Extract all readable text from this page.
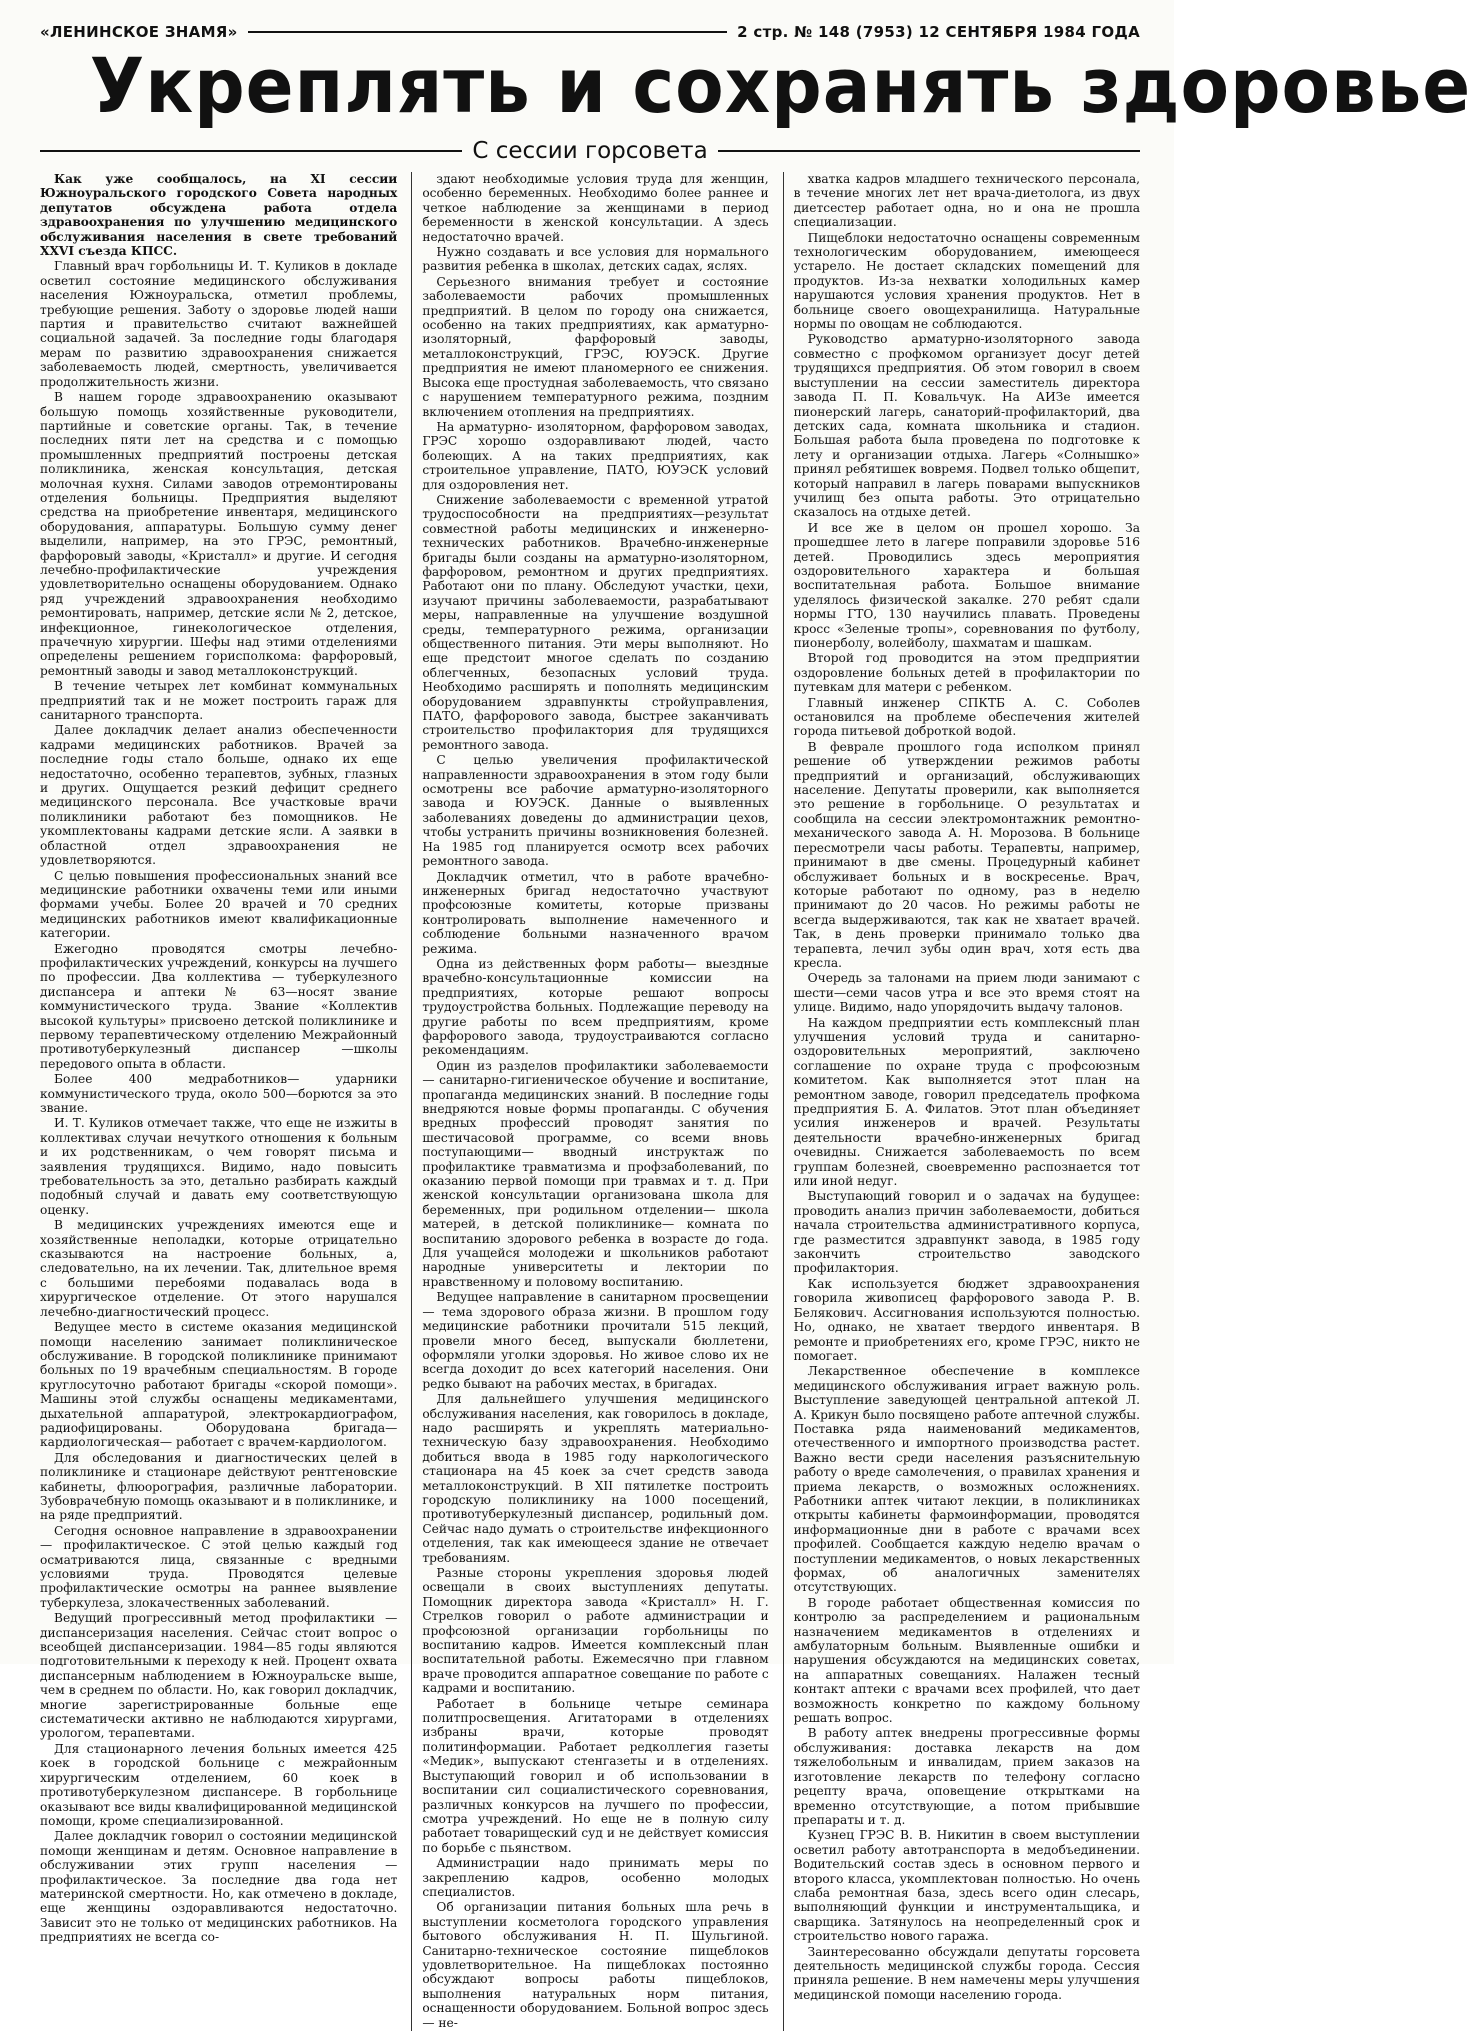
«ЛЕНИНСКОЕ ЗНАМЯ»	2 стр. № 148 (7953) 12 СЕНТЯБРЯ 1984 ГОДА
Укреплять и сохранять здоровье
С сессии горсовета

Как уже сообщалось, на XI сессии Южноуральского городского Совета народных депутатов обсуждена работа отдела здравоохранения по улучшению медицинского обслуживания населения в свете требований XXVI съезда КПСС.

Главный врач горбольницы И. Т. Куликов в докладе осветил состояние медицинского обслуживания населения Южноуральска, отметил проблемы, требующие решения. Заботу о здоровье людей наши партия и правительство считают важнейшей социальной задачей. За последние годы благодаря мерам по развитию здравоохранения снижается заболеваемость людей, смертность, увеличивается продолжительность жизни.

В нашем городе здравоохранению оказывают большую помощь хозяйственные руководители, партийные и советские органы. Так, в течение последних пяти лет на средства и с помощью промышленных предприятий построены детская поликлиника, женская консультация, детская молочная кухня. Силами заводов отремонтированы отделения больницы. Предприятия выделяют средства на приобретение инвентаря, медицинского оборудования, аппаратуры. Большую сумму денег выделили, например, на это ГРЭС, ремонтный, фарфоровый заводы, «Кристалл» и другие. И сегодня лечебно-профилактические учреждения удовлетворительно оснащены оборудованием. Однако ряд учреждений здравоохранения необходимо ремонтировать, например, детские ясли № 2, детское, инфекционное, гинекологическое отделения, прачечную хирургии. Шефы над этими отделениями определены решением горисполкома: фарфоровый, ремонтный заводы и завод металлоконструкций.

В течение четырех лет комбинат коммунальных предприятий так и не может построить гараж для санитарного транспорта.

Далее докладчик делает анализ обеспеченности кадрами медицинских работников. Врачей за последние годы стало больше, однако их еще недостаточно, особенно терапевтов, зубных, глазных и других. Ощущается резкий дефицит среднего медицинского персонала. Все участковые врачи поликлиники работают без помощников. Не укомплектованы кадрами детские ясли. А заявки в областной отдел здравоохранения не удовлетворяются.

С целью повышения профессиональных знаний все медицинские работники охвачены теми или иными формами учебы. Более 20 врачей и 70 средних медицинских работников имеют квалификационные категории.

Ежегодно проводятся смотры лечебно-профилактических учреждений, конкурсы на лучшего по профессии. Два коллектива — туберкулезного диспансера и аптеки № 63—носят звание коммунистического труда. Звание «Коллектив высокой культуры» присвоено детской поликлинике и первому терапевтическому отделению Межрайонный противотуберкулезный диспансер —школы передового опыта в области.

Более 400 медработников— ударники коммунистического труда, около 500—борются за это звание.

И. Т. Куликов отмечает также, что еще не изжиты в коллективах случаи нечуткого отношения к больным и их родственникам, о чем говорят письма и заявления трудящихся. Видимо, надо повысить требовательность за это, детально разбирать каждый подобный случай и давать ему соответствующую оценку.

В медицинских учреждениях имеются еще и хозяйственные неполадки, которые отрицательно сказываются на настроение больных, а, следовательно, на их лечении. Так, длительное время с большими перебоями подавалась вода в хирургическое отделение. От этого нарушался лечебно-диагностический процесс.

Ведущее место в системе оказания медицинской помощи населению занимает поликлиническое обслуживание. В городской поликлинике принимают больных по 19 врачебным специальностям. В городе круглосуточно работают бригады «скорой помощи». Машины этой службы оснащены медикаментами, дыхательной аппаратурой, электрокардиографом, радиофицированы. Оборудована бригада— кардиологическая— работает с врачем-кардиологом.

Для обследования и диагностических целей в поликлинике и стационаре действуют рентгеновские кабинеты, флюорография, различные лаборатории. Зубоврачебную помощь оказывают и в поликлинике, и на ряде предприятий.

Сегодня основное направление в здравоохранении — профилактическое. С этой целью каждый год осматриваются лица, связанные с вредными условиями труда. Проводятся целевые профилактические осмотры на раннее выявление туберкулеза, злокачественных заболеваний.

Ведущий прогрессивный метод профилактики — диспансеризация населения. Сейчас стоит вопрос о всеобщей диспансеризации. 1984—85 годы являются подготовительными к переходу к ней. Процент охвата диспансерным наблюдением в Южноуральске выше, чем в среднем по области. Но, как говорил докладчик, многие зарегистрированные больные еще систематически активно не наблюдаются хирургами, урологом, терапевтами.

Для стационарного лечения больных имеется 425 коек в городской больнице с межрайонным хирургическим отделением, 60 коек в противотуберкулезном диспансере. В горбольнице оказывают все виды квалифицированной медицинской помощи, кроме специализированной.

Далее докладчик говорил о состоянии медицинской помощи женщинам и детям. Основное направление в обслуживании этих групп населения — профилактическое. За последние два года нет материнской смертности. Но, как отмечено в докладе, еще женщины оздоравливаются недостаточно. Зависит это не только от медицинских работников. На предприятиях не всегда со-

здают необходимые условия труда для женщин, особенно беременных. Необходимо более раннее и четкое наблюдение за женщинами в период беременности в женской консультации. А здесь недостаточно врачей.

Нужно создавать и все условия для нормального развития ребенка в школах, детских садах, яслях.

Серьезного внимания требует и состояние заболеваемости рабочих промышленных предприятий. В целом по городу она снижается, особенно на таких предприятиях, как арматурно- изоляторный, фарфоровый заводы, металлоконструкций, ГРЭС, ЮУЭСК. Другие предприятия не имеют планомерного ее снижения. Высока еще простудная заболеваемость, что связано с нарушением температурного режима, поздним включением отопления на предприятиях.

На арматурно- изоляторном, фарфоровом заводах, ГРЭС хорошо оздоравливают людей, часто болеющих. А на таких предприятиях, как строительное управление, ПАТО, ЮУЭСК условий для оздоровления нет.

Снижение заболеваемости с временной утратой трудоспособности на предприятиях—результат совместной работы медицинских и инженерно-технических работников. Врачебно-инженерные бригады были созданы на арматурно-изоляторном, фарфоровом, ремонтном и других предприятиях. Работают они по плану. Обследуют участки, цехи, изучают причины заболеваемости, разрабатывают меры, направленные на улучшение воздушной среды, температурного режима, организации общественного питания. Эти меры выполняют. Но еще предстоит многое сделать по созданию облегченных, безопасных условий труда. Необходимо расширять и пополнять медицинским оборудованием здравпункты стройуправления, ПАТО, фарфорового завода, быстрее заканчивать строительство профилактория для трудящихся ремонтного завода.

С целью увеличения профилактической направленности здравоохранения в этом году были осмотрены все рабочие арматурно-изоляторного завода и ЮУЭСК. Данные о выявленных заболеваниях доведены до администрации цехов, чтобы устранить причины возникновения болезней. На 1985 год планируется осмотр всех рабочих ремонтного завода.

Докладчик отметил, что в работе врачебно-инженерных бригад недостаточно участвуют профсоюзные комитеты, которые призваны контролировать выполнение намеченного и соблюдение больными назначенного врачом режима.

Одна из действенных форм работы— выездные врачебно-консультационные комиссии на предприятиях, которые решают вопросы трудоустройства больных. Подлежащие переводу на другие работы по всем предприятиям, кроме фарфорового завода, трудоустраиваются согласно рекомендациям.

Один из разделов профилактики заболеваемости — санитарно-гигиеническое обучение и воспитание, пропаганда медицинских знаний. В последние годы внедряются новые формы пропаганды. С обучения вредных профессий проводят занятия по шестичасовой программе, со всеми вновь поступающими— вводный инструктаж по профилактике травматизма и профзаболеваний, по оказанию первой помощи при травмах и т. д. При женской консультации организована школа для беременных, при родильном отделении— школа матерей, в детской поликлинике— комната по воспитанию здорового ребенка в возрасте до года. Для учащейся молодежи и школьников работают народные университеты и лектории по нравственному и половому воспитанию.

Ведущее направление в санитарном просвещении — тема здорового образа жизни. В прошлом году медицинские работники прочитали 515 лекций, провели много бесед, выпускали бюллетени, оформляли уголки здоровья. Но живое слово их не всегда доходит до всех категорий населения. Они редко бывают на рабочих местах, в бригадах.

Для дальнейшего улучшения медицинского обслуживания населения, как говорилось в докладе, надо расширять и укреплять материально-техническую базу здравоохранения. Необходимо добиться ввода в 1985 году наркологического стационара на 45 коек за счет средств завода металлоконструкций. В XII пятилетке построить городскую поликлинику на 1000 посещений, противотуберкулезный диспансер, родильный дом. Сейчас надо думать о строительстве инфекционного отделения, так как имеющееся здание не отвечает требованиям.

Разные стороны укрепления здоровья людей освещали в своих выступлениях депутаты. Помощник директора завода «Кристалл» Н. Г. Стрелков говорил о работе администрации и профсоюзной организации горбольницы по воспитанию кадров. Имеется комплексный план воспитательной работы. Ежемесячно при главном враче проводится аппаратное совещание по работе с кадрами и воспитанию.

Работает в больнице четыре семинара политпросвещения. Агитаторами в отделениях избраны врачи, которые проводят политинформации. Работает редколлегия газеты «Медик», выпускают стенгазеты и в отделениях. Выступающий говорил и об использовании в воспитании сил социалистического соревнования, различных конкурсов на лучшего по профессии, смотра учреждений. Но еще не в полную силу работает товарищеский суд и не действует комиссия по борьбе с пьянством.

Администрации надо принимать меры по закреплению кадров, особенно молодых специалистов.

Об организации питания больных шла речь в выступлении косметолога городского управления бытового обслуживания Н. П. Шульгиной. Санитарно-техническое состояние пищеблоков удовлетворительное. На пищеблоках постоянно обсуждают вопросы работы пищеблоков, выполнения натуральных норм питания, оснащенности оборудованием. Больной вопрос здесь — не-

хватка кадров младшего технического персонала, в течение многих лет нет врача-диетолога, из двух диетсестер работает одна, но и она не прошла специализации.

Пищеблоки недостаточно оснащены современным технологическим оборудованием, имеющееся устарело. Не достает складских помещений для продуктов. Из-за нехватки холодильных камер нарушаются условия хранения продуктов. Нет в больнице своего овощехранилища. Натуральные нормы по овощам не соблюдаются.

Руководство арматурно-изоляторного завода совместно с профкомом организует досуг детей трудящихся предприятия. Об этом говорил в своем выступлении на сессии заместитель директора завода П. П. Ковальчук. На АИЗе имеется пионерский лагерь, санаторий-профилакторий, два детских сада, комната школьника и стадион. Большая работа была проведена по подготовке к лету и организации отдыха. Лагерь «Солнышко» принял ребятишек вовремя. Подвел только общепит, который направил в лагерь поварами выпускников училищ без опыта работы. Это отрицательно сказалось на отдыхе детей.

И все же в целом он прошел хорошо. За прошедшее лето в лагере поправили здоровье 516 детей. Проводились здесь мероприятия оздоровительного характера и большая воспитательная работа. Большое внимание уделялось физической закалке. 270 ребят сдали нормы ГТО, 130 научились плавать. Проведены кросс «Зеленые тропы», соревнования по футболу, пионерболу, волейболу, шахматам и шашкам.

Второй год проводится на этом предприятии оздоровление больных детей в профилактории по путевкам для матери с ребенком.

Главный инженер СПКТБ А. С. Соболев остановился на проблеме обеспечения жителей города питьевой доброткой водой.

В феврале прошлого года исполком принял решение об утверждении режимов работы предприятий и организаций, обслуживающих население. Депутаты проверили, как выполняется это решение в горбольнице. О результатах и сообщила на сессии электромонтажник ремонтно-механического завода А. Н. Морозова. В больнице пересмотрели часы работы. Терапевты, например, принимают в две смены. Процедурный кабинет обслуживает больных и в воскресенье. Врач, которые работают по одному, раз в неделю принимают до 20 часов. Но режимы работы не всегда выдерживаются, так как не хватает врачей. Так, в день проверки принимало только два терапевта, лечил зубы один врач, хотя есть два кресла.

Очередь за талонами на прием люди занимают с шести—семи часов утра и все это время стоят на улице. Видимо, надо упорядочить выдачу талонов.

На каждом предприятии есть комплексный план улучшения условий труда и санитарно-оздоровительных мероприятий, заключено соглашение по охране труда с профсоюзным комитетом. Как выполняется этот план на ремонтном заводе, говорил председатель профкома предприятия Б. А. Филатов. Этот план объединяет усилия инженеров и врачей. Результаты деятельности врачебно-инженерных бригад очевидны. Снижается заболеваемость по всем группам болезней, своевременно распознается тот или иной недуг.

Выступающий говорил и о задачах на будущее: проводить анализ причин заболеваемости, добиться начала строительства административного корпуса, где разместится здравпункт завода, в 1985 году закончить строительство заводского профилактория.

Как используется бюджет здравоохранения говорила живописец фарфорового завода Р. В. Белякович. Ассигнования используются полностью. Но, однако, не хватает твердого инвентаря. В ремонте и приобретениях его, кроме ГРЭС, никто не помогает.

Лекарственное обеспечение в комплексе медицинского обслуживания играет важную роль. Выступление заведующей центральной аптекой Л. А. Крикун было посвящено работе аптечной службы. Поставка ряда наименований медикаментов, отечественного и импортного производства растет. Важно вести среди населения разъяснительную работу о вреде самолечения, о правилах хранения и приема лекарств, о возможных осложнениях. Работники аптек читают лекции, в поликлиниках открыты кабинеты фармоинформации, проводятся информационные дни в работе с врачами всех профилей. Сообщается каждую неделю врачам о поступлении медикаментов, о новых лекарственных формах, об аналогичных заменителях отсутствующих.

В городе работает общественная комиссия по контролю за распределением и рациональным назначением медикаментов в отделениях и амбулаторным больным. Выявленные ошибки и нарушения обсуждаются на медицинских советах, на аппаратных совещаниях. Налажен тесный контакт аптеки с врачами всех профилей, что дает возможность конкретно по каждому больному решать вопрос.

В работу аптек внедрены прогрессивные формы обслуживания: доставка лекарств на дом тяжелобольным и инвалидам, прием заказов на изготовление лекарств по телефону согласно рецепту врача, оповещение открытками на временно отсутствующие, а потом прибывшие препараты и т. д.

Кузнец ГРЭС В. В. Никитин в своем выступлении осветил работу автотранспорта в медобъединении. Водительский состав здесь в основном первого и второго класса, укомплектован полностью. Но очень слаба ремонтная база, здесь всего один слесарь, выполняющий функции и инструментальщика, и сварщика. Затянулось на неопределенный срок и строительство нового гаража.

Заинтересованно обсуждали депутаты горсовета деятельность медицинской службы города. Сессия приняла решение. В нем намечены меры улучшения медицинской помощи населению города.
